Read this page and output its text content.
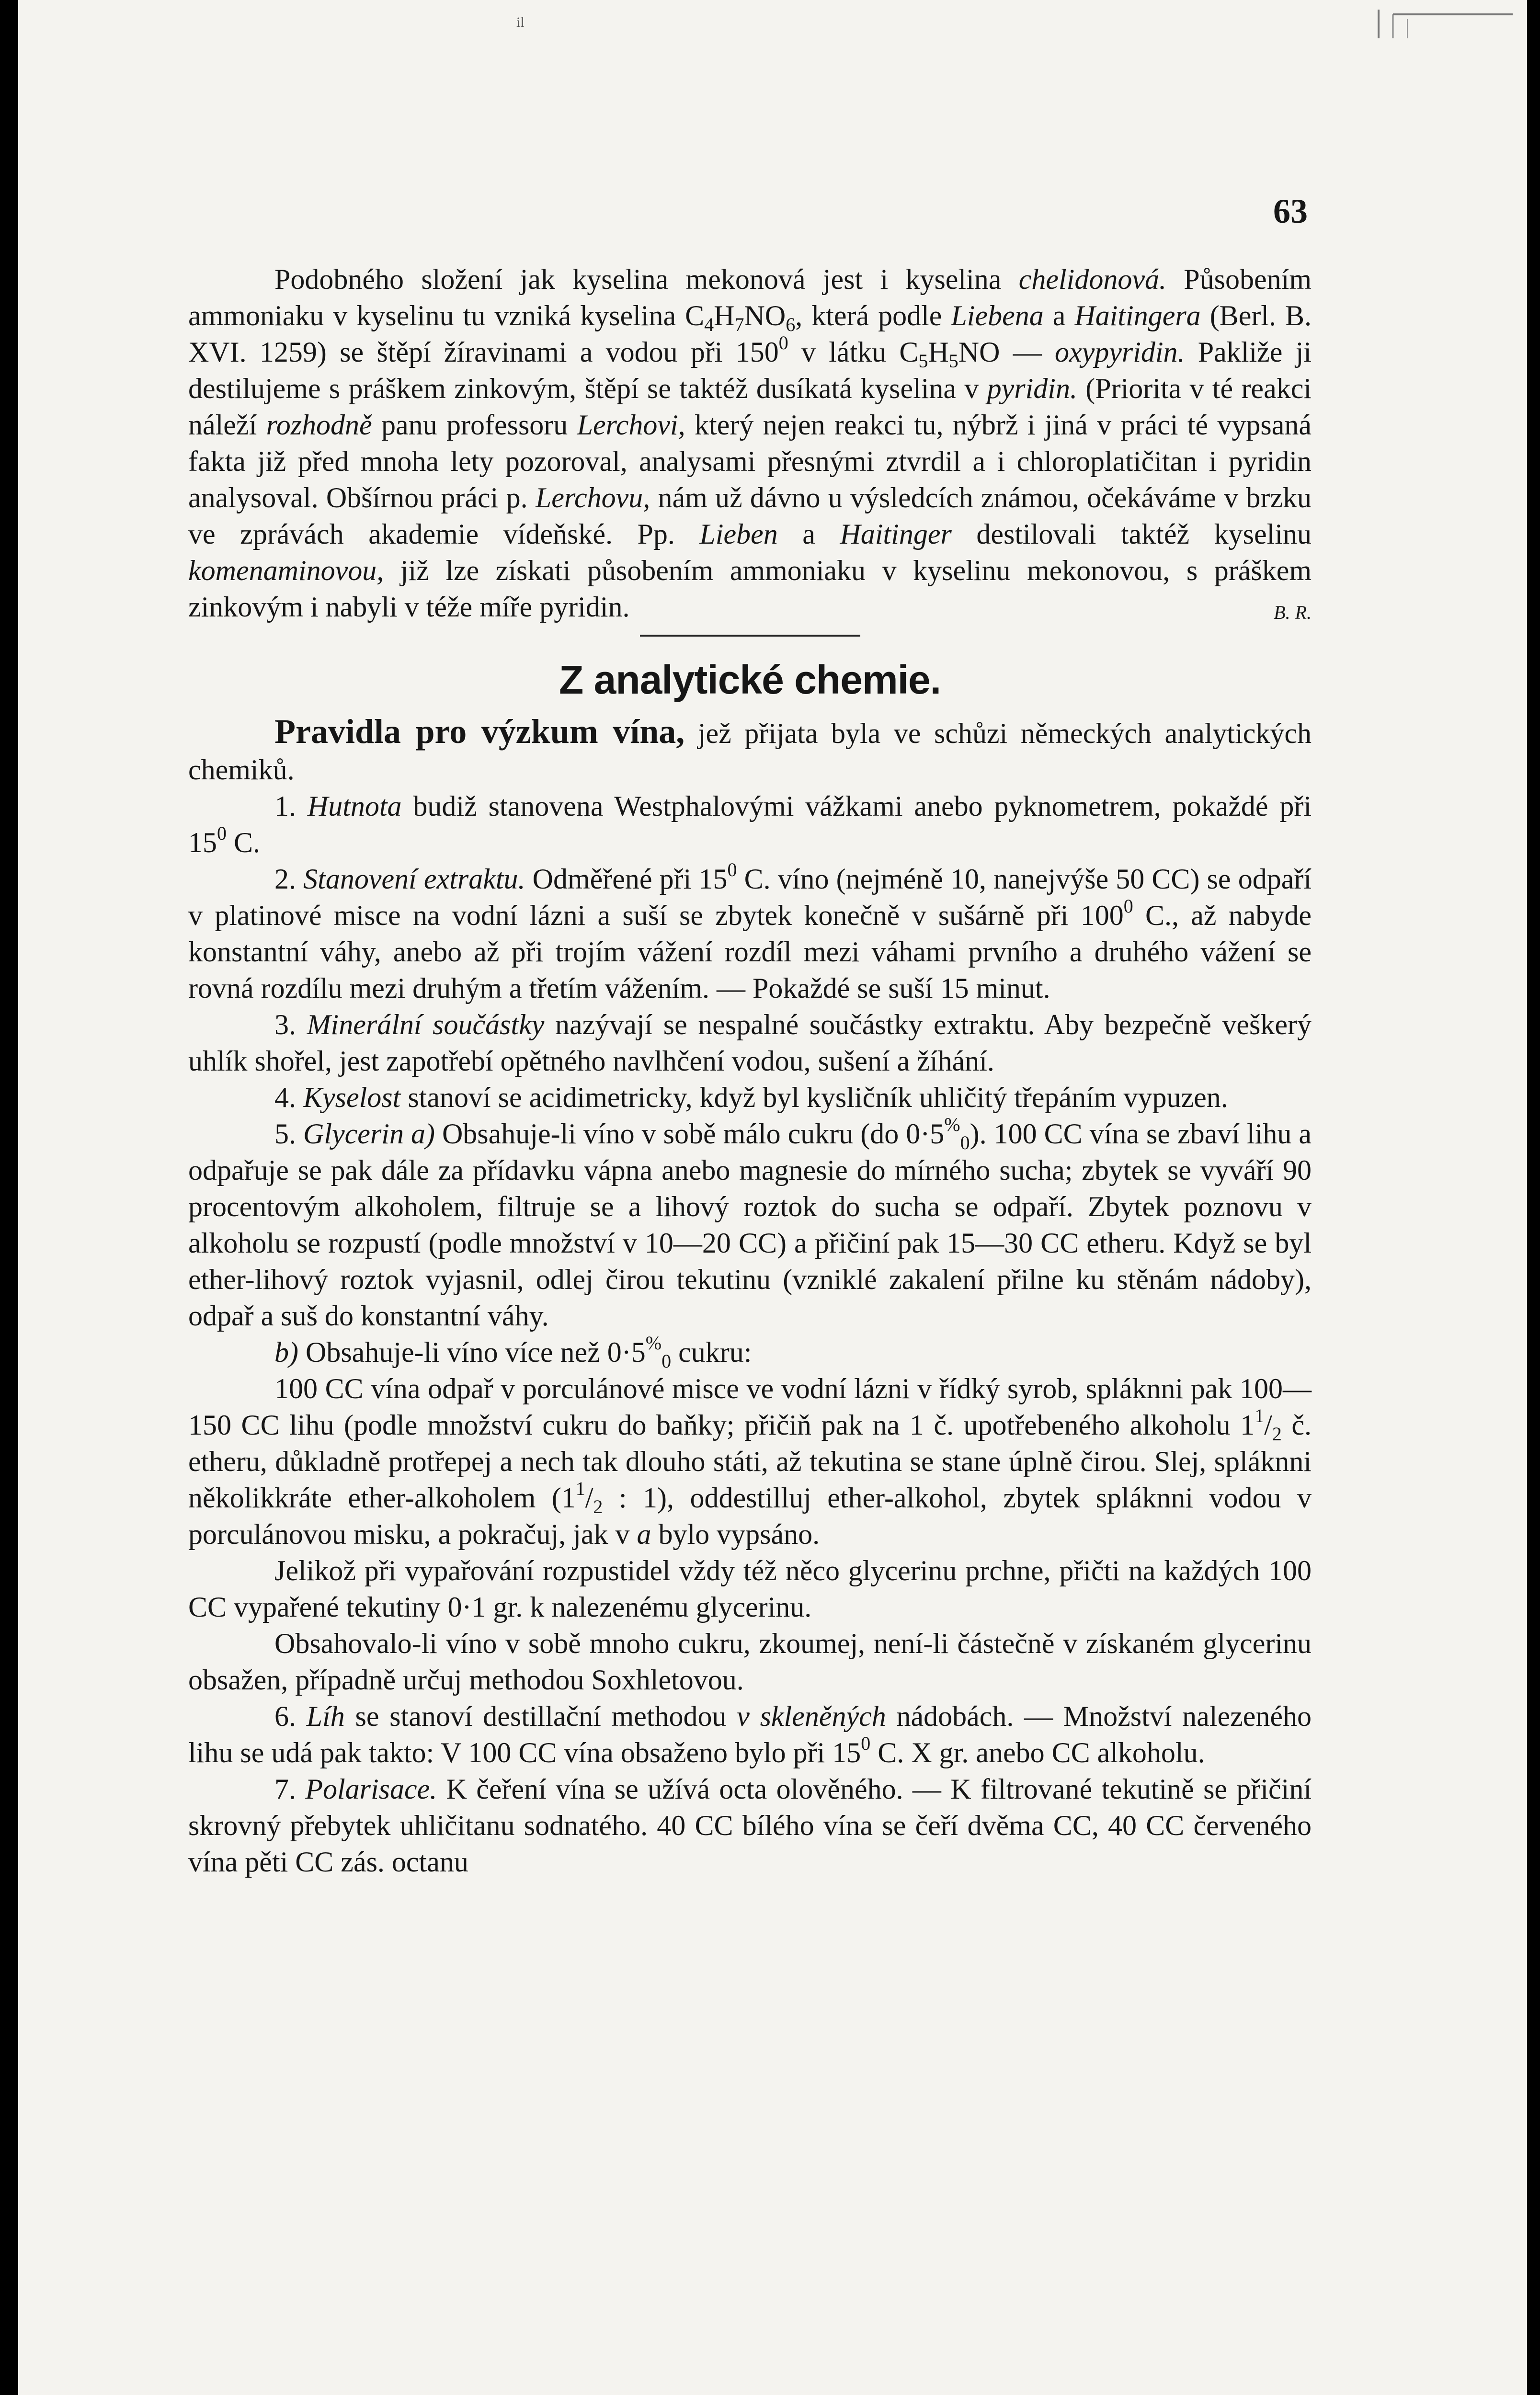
il
63

Podobného složení jak kyselina mekonová jest i kyselina chelidonová. Působením ammoniaku v kyselinu tu vzniká kyselina $C_4H_7NO_6$, která podle Liebena a Haitingera (Berl. B. XVI. 1259) se štěpí žíravinami a vodou při $150^0$ v látku $C_5H_5NO$ — oxypyridin. Pakliže ji destilujeme s práškem zinkovým, štěpí se taktéž dusíkatá kyselina v pyridin. (Priorita v té reakci náleží rozhodně panu professoru Lerchovi, který nejen reakci tu, nýbrž i jiná v práci té vypsaná fakta již před mnoha lety pozoroval, analysami přesnými ztvrdil a i chloroplatičitan i pyridin analysoval. Obšírnou práci p. Lerchovu, nám už dávno u výsledcích známou, očekáváme v brzku ve zprávách akademie vídeňské. Pp. Lieben a Haitinger destilovali taktéž kyselinu komenaminovou, již lze získati působením ammoniaku v kyselinu mekonovou, s práškem zinkovým i nabyli v téže míře pyridin.	B. R.

Z analytické chemie.

Pravidla pro výzkum vína, jež přijata byla ve schůzi německých analytických chemiků.

1. Hutnota budiž stanovena Westphalovými vážkami anebo pyknometrem, pokaždé při $15^0$ C.

2. Stanovení extraktu. Odměřené při $15^0$ C. víno (nejméně 10, nanejvýše 50 CC) se odpaří v platinové misce na vodní lázni a suší se zbytek konečně v sušárně při $100^0$ C., až nabyde konstantní váhy, anebo až při trojím vážení rozdíl mezi váhami prvního a druhého vážení se rovná rozdílu mezi druhým a třetím vážením. — Pokaždé se suší 15 minut.

3. Minerální součástky nazývají se nespalné součástky extraktu. Aby bezpečně veškerý uhlík shořel, jest zapotřebí opětného navlhčení vodou, sušení a žíhání.

4. Kyselost stanoví se acidimetricky, když byl kysličník uhličitý třepáním vypuzen.

5. Glycerin a) Obsahuje-li víno v sobě málo cukru (do $0\cdot 5^{\%}_0$). 100 CC vína se zbaví lihu a odpařuje se pak dále za přídavku vápna anebo magnesie do mírného sucha; zbytek se vyváří 90 procentovým alkoholem, filtruje se a lihový roztok do sucha se odpaří. Zbytek poznovu v alkoholu se rozpustí (podle množství v 10—20 CC) a přičiní pak 15—30 CC etheru. Když se byl ether-lihový roztok vyjasnil, odlej čirou tekutinu (vzniklé zakalení přilne ku stěnám nádoby), odpař a suš do konstantní váhy.

b) Obsahuje-li víno více než $0\cdot 5^{\%}_0$ cukru:

100 CC vína odpař v porculánové misce ve vodní lázni v řídký syrob, spláknni pak 100—150 CC lihu (podle množství cukru do baňky; přičiň pak na 1 č. upotřebeného alkoholu $1^1/_2$ č. etheru, důkladně protřepej a nech tak dlouho státi, až tekutina se stane úplně čirou. Slej, spláknni několikkráte ether-alkoholem ($1^1/_2$ : 1), oddestilluj ether-alkohol, zbytek spláknni vodou v porculánovou misku, a pokračuj, jak v a bylo vypsáno.

Jelikož při vypařování rozpustidel vždy též něco glycerinu prchne, přičti na každých 100 CC vypařené tekutiny 0·1 gr. k nalezenému glycerinu.

Obsahovalo-li víno v sobě mnoho cukru, zkoumej, není-li částečně v získaném glycerinu obsažen, případně určuj methodou Soxhletovou.

6. Líh se stanoví destillační methodou v skleněných nádobách. — Množství nalezeného lihu se udá pak takto: V 100 CC vína obsaženo bylo při $15^0$ C. X gr. anebo CC alkoholu.

7. Polarisace. K čeření vína se užívá octa olověného. — K filtrované tekutině se přičiní skrovný přebytek uhličitanu sodnatého. 40 CC bílého vína se čeří dvěma CC, 40 CC červeného vína pěti CC zás. octanu
